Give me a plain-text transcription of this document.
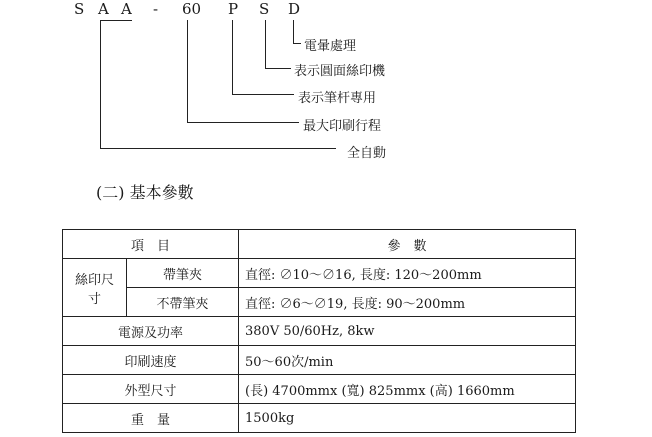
S A A - 60 P S D
電暈處理
表示圓面絲印機
表示筆杆專用
最大印刷行程
全自動
(二) 基本參數
項　目		參　數
絲印尺寸	帶筆夾	直徑: ∅10～∅16, 長度: 120～200mm
	不帶筆夾	直徑: ∅6～∅19, 長度: 90～200mm
電源及功率		380V 50/60Hz, 8kw
印刷速度		50～60次/min
外型尺寸		(長) 4700mmx (寬) 825mmx (高) 1660mm
重　量		1500kg
